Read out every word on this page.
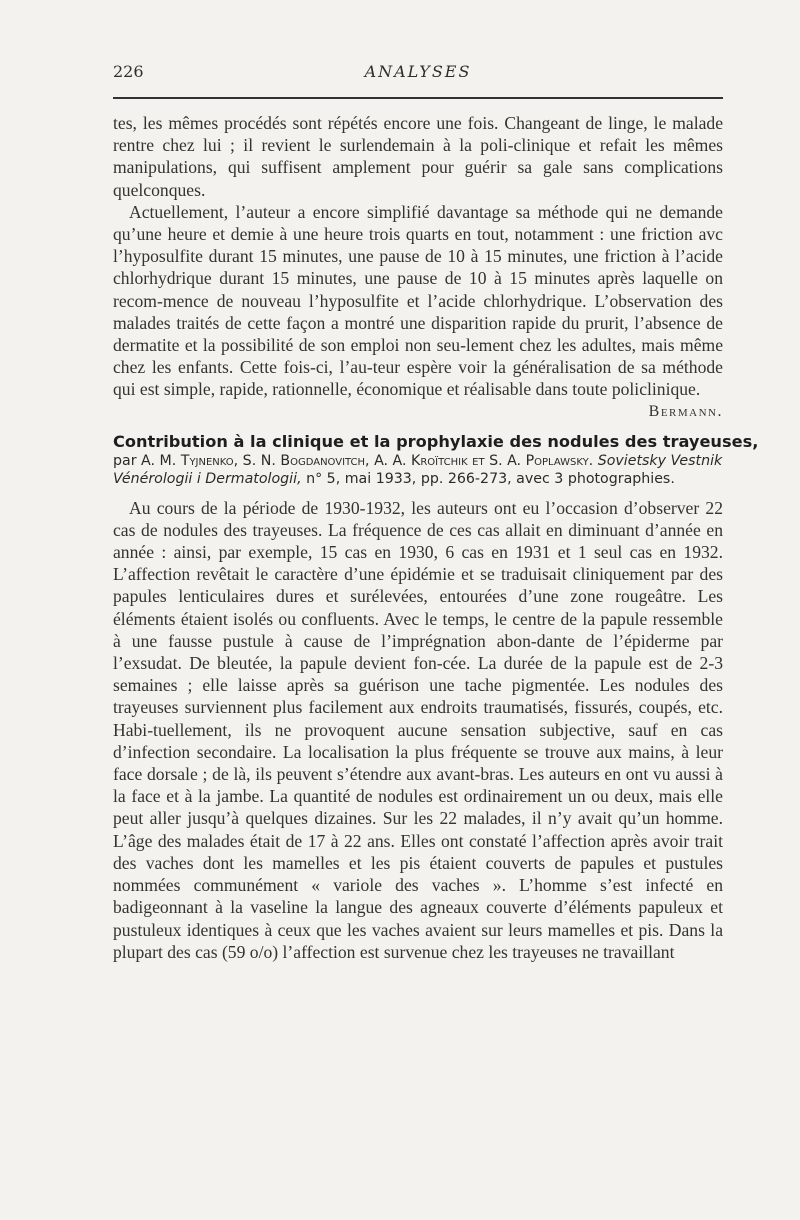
226	ANALYSES

tes, les mêmes procédés sont répétés encore une fois. Changeant de linge, le malade rentre chez lui ; il revient le surlendemain à la poli-clinique et refait les mêmes manipulations, qui suffisent amplement pour guérir sa gale sans complications quelconques.

Actuellement, l’auteur a encore simplifié davantage sa méthode qui ne demande qu’une heure et demie à une heure trois quarts en tout, notamment : une friction avc l’hyposulfite durant 15 minutes, une pause de 10 à 15 minutes, une friction à l’acide chlorhydrique durant 15 minutes, une pause de 10 à 15 minutes après laquelle on recom-mence de nouveau l’hyposulfite et l’acide chlorhydrique. L’observation des malades traités de cette façon a montré une disparition rapide du prurit, l’absence de dermatite et la possibilité de son emploi non seu-lement chez les adultes, mais même chez les enfants. Cette fois-ci, l’au-teur espère voir la généralisation de sa méthode qui est simple, rapide, rationnelle, économique et réalisable dans toute policlinique.

Bermann.
Contribution à la clinique et la prophylaxie des nodules des trayeuses,
par A. M. Tyjnenko, S. N. Bogdanovitch, A. A. Kroïtchik et S. A. Poplawsky. Sovietsky Vestnik Vénérologii i Dermatologii, n° 5, mai 1933, pp. 266-273, avec 3 photographies.

Au cours de la période de 1930-1932, les auteurs ont eu l’occasion d’observer 22 cas de nodules des trayeuses. La fréquence de ces cas allait en diminuant d’année en année : ainsi, par exemple, 15 cas en 1930, 6 cas en 1931 et 1 seul cas en 1932. L’affection revêtait le caractère d’une épidémie et se traduisait cliniquement par des papules lenticulaires dures et surélevées, entourées d’une zone rougeâtre. Les éléments étaient isolés ou confluents. Avec le temps, le centre de la papule ressemble à une fausse pustule à cause de l’imprégnation abon-dante de l’épiderme par l’exsudat. De bleutée, la papule devient fon-cée. La durée de la papule est de 2-3 semaines ; elle laisse après sa guérison une tache pigmentée. Les nodules des trayeuses surviennent plus facilement aux endroits traumatisés, fissurés, coupés, etc. Habi-tuellement, ils ne provoquent aucune sensation subjective, sauf en cas d’infection secondaire. La localisation la plus fréquente se trouve aux mains, à leur face dorsale ; de là, ils peuvent s’étendre aux avant-bras. Les auteurs en ont vu aussi à la face et à la jambe. La quantité de nodules est ordinairement un ou deux, mais elle peut aller jusqu’à quelques dizaines. Sur les 22 malades, il n’y avait qu’un homme. L’âge des malades était de 17 à 22 ans. Elles ont constaté l’affection après avoir trait des vaches dont les mamelles et les pis étaient couverts de papules et pustules nommées communément « variole des vaches ». L’homme s’est infecté en badigeonnant à la vaseline la langue des agneaux couverte d’éléments papuleux et pustuleux identiques à ceux que les vaches avaient sur leurs mamelles et pis. Dans la plupart des cas (59 o/o) l’affection est survenue chez les trayeuses ne travaillant
